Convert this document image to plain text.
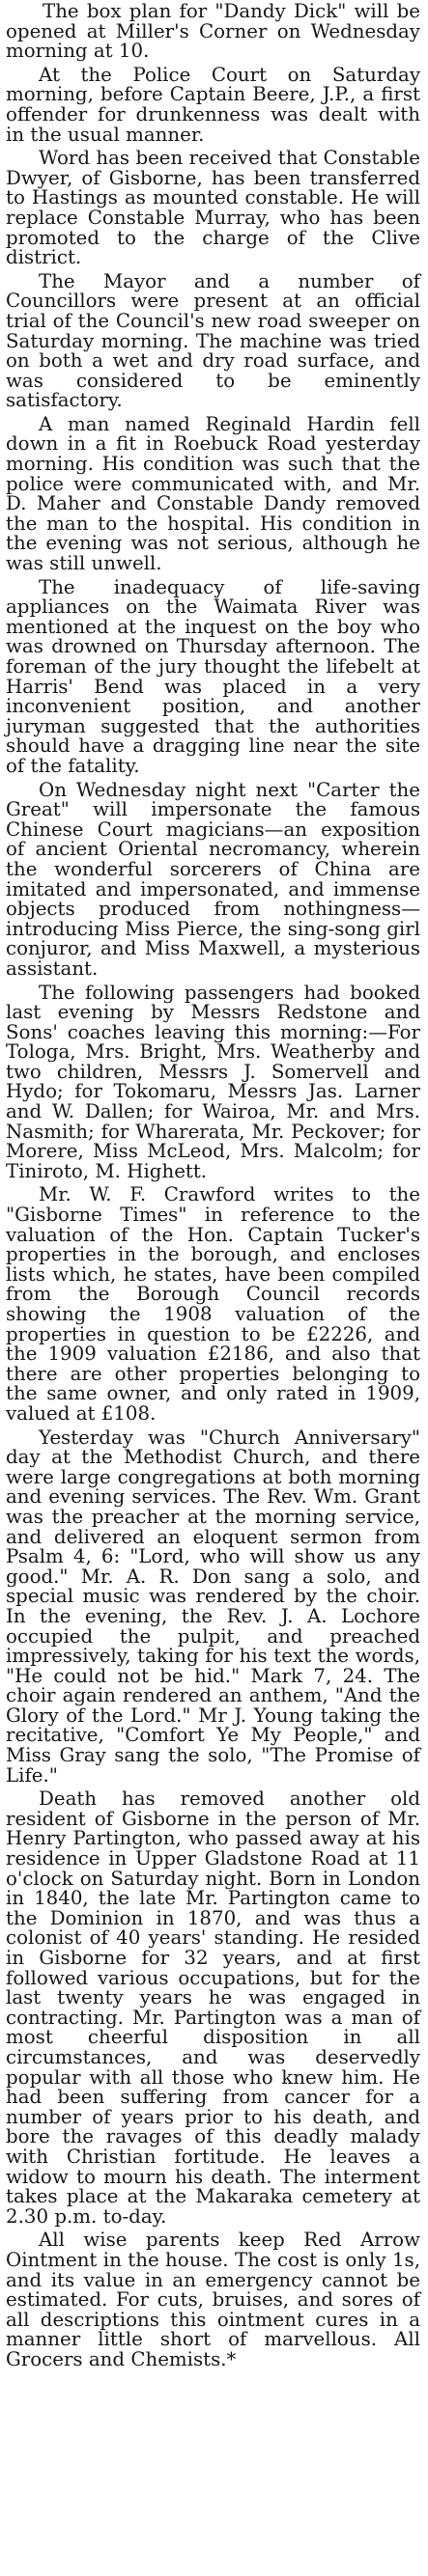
The box plan for "Dandy Dick" will be opened at Miller's Corner on Wednesday morning at 10.

At the Police Court on Saturday morning, before Captain Beere, J.P., a first offender for drunkenness was dealt with in the usual manner.

Word has been received that Constable Dwyer, of Gisborne, has been transferred to Hastings as mounted constable. He will replace Constable Murray, who has been promoted to the charge of the Clive district.

The Mayor and a number of Councillors were present at an official trial of the Council's new road sweeper on Saturday morning. The machine was tried on both a wet and dry road surface, and was considered to be eminently satisfactory.

A man named Reginald Hardin fell down in a fit in Roebuck Road yesterday morning. His condition was such that the police were communicated with, and Mr. D. Maher and Constable Dandy removed the man to the hospital. His condition in the evening was not serious, although he was still unwell.

The inadequacy of life-saving appliances on the Waimata River was mentioned at the inquest on the boy who was drowned on Thursday afternoon. The foreman of the jury thought the lifebelt at Harris' Bend was placed in a very inconvenient position, and another juryman suggested that the authorities should have a dragging line near the site of the fatality.

On Wednesday night next "Carter the Great" will impersonate the famous Chinese Court magicians—an exposition of ancient Oriental necromancy, wherein the wonderful sorcerers of China are imitated and impersonated, and immense objects produced from nothingness—introducing Miss Pierce, the sing-song girl conjuror, and Miss Maxwell, a mysterious assistant.

The following passengers had booked last evening by Messrs Redstone and Sons' coaches leaving this morning:—For Tologa, Mrs. Bright, Mrs. Weatherby and two children, Messrs J. Somervell and Hydo; for Tokomaru, Messrs Jas. Larner and W. Dallen; for Wairoa, Mr. and Mrs. Nasmith; for Wharerata, Mr. Peckover; for Morere, Miss McLeod, Mrs. Malcolm; for Tiniroto, M. Highett.

Mr. W. F. Crawford writes to the "Gisborne Times" in reference to the valuation of the Hon. Captain Tucker's properties in the borough, and encloses lists which, he states, have been compiled from the Borough Council records showing the 1908 valuation of the properties in question to be £2226, and the 1909 valuation £2186, and also that there are other properties belonging to the same owner, and only rated in 1909, valued at £108.

Yesterday was "Church Anniversary" day at the Methodist Church, and there were large congregations at both morning and evening services. The Rev. Wm. Grant was the preacher at the morning service, and delivered an eloquent sermon from Psalm 4, 6: "Lord, who will show us any good." Mr. A. R. Don sang a solo, and special music was rendered by the choir. In the evening, the Rev. J. A. Lochore occupied the pulpit, and preached impressively, taking for his text the words, "He could not be hid." Mark 7, 24. The choir again rendered an anthem, "And the Glory of the Lord." Mr J. Young taking the recitative, "Comfort Ye My People," and Miss Gray sang the solo, "The Promise of Life."

Death has removed another old resident of Gisborne in the person of Mr. Henry Partington, who passed away at his residence in Upper Gladstone Road at 11 o'clock on Saturday night. Born in London in 1840, the late Mr. Partington came to the Dominion in 1870, and was thus a colonist of 40 years' standing. He resided in Gisborne for 32 years, and at first followed various occupations, but for the last twenty years he was engaged in contracting. Mr. Partington was a man of most cheerful disposition in all circumstances, and was deservedly popular with all those who knew him. He had been suffering from cancer for a number of years prior to his death, and bore the ravages of this deadly malady with Christian fortitude. He leaves a widow to mourn his death. The interment takes place at the Makaraka cemetery at 2.30 p.m. to-day.

All wise parents keep Red Arrow Ointment in the house. The cost is only 1s, and its value in an emergency cannot be estimated. For cuts, bruises, and sores of all descriptions this ointment cures in a manner little short of marvellous. All Grocers and Chemists.*
